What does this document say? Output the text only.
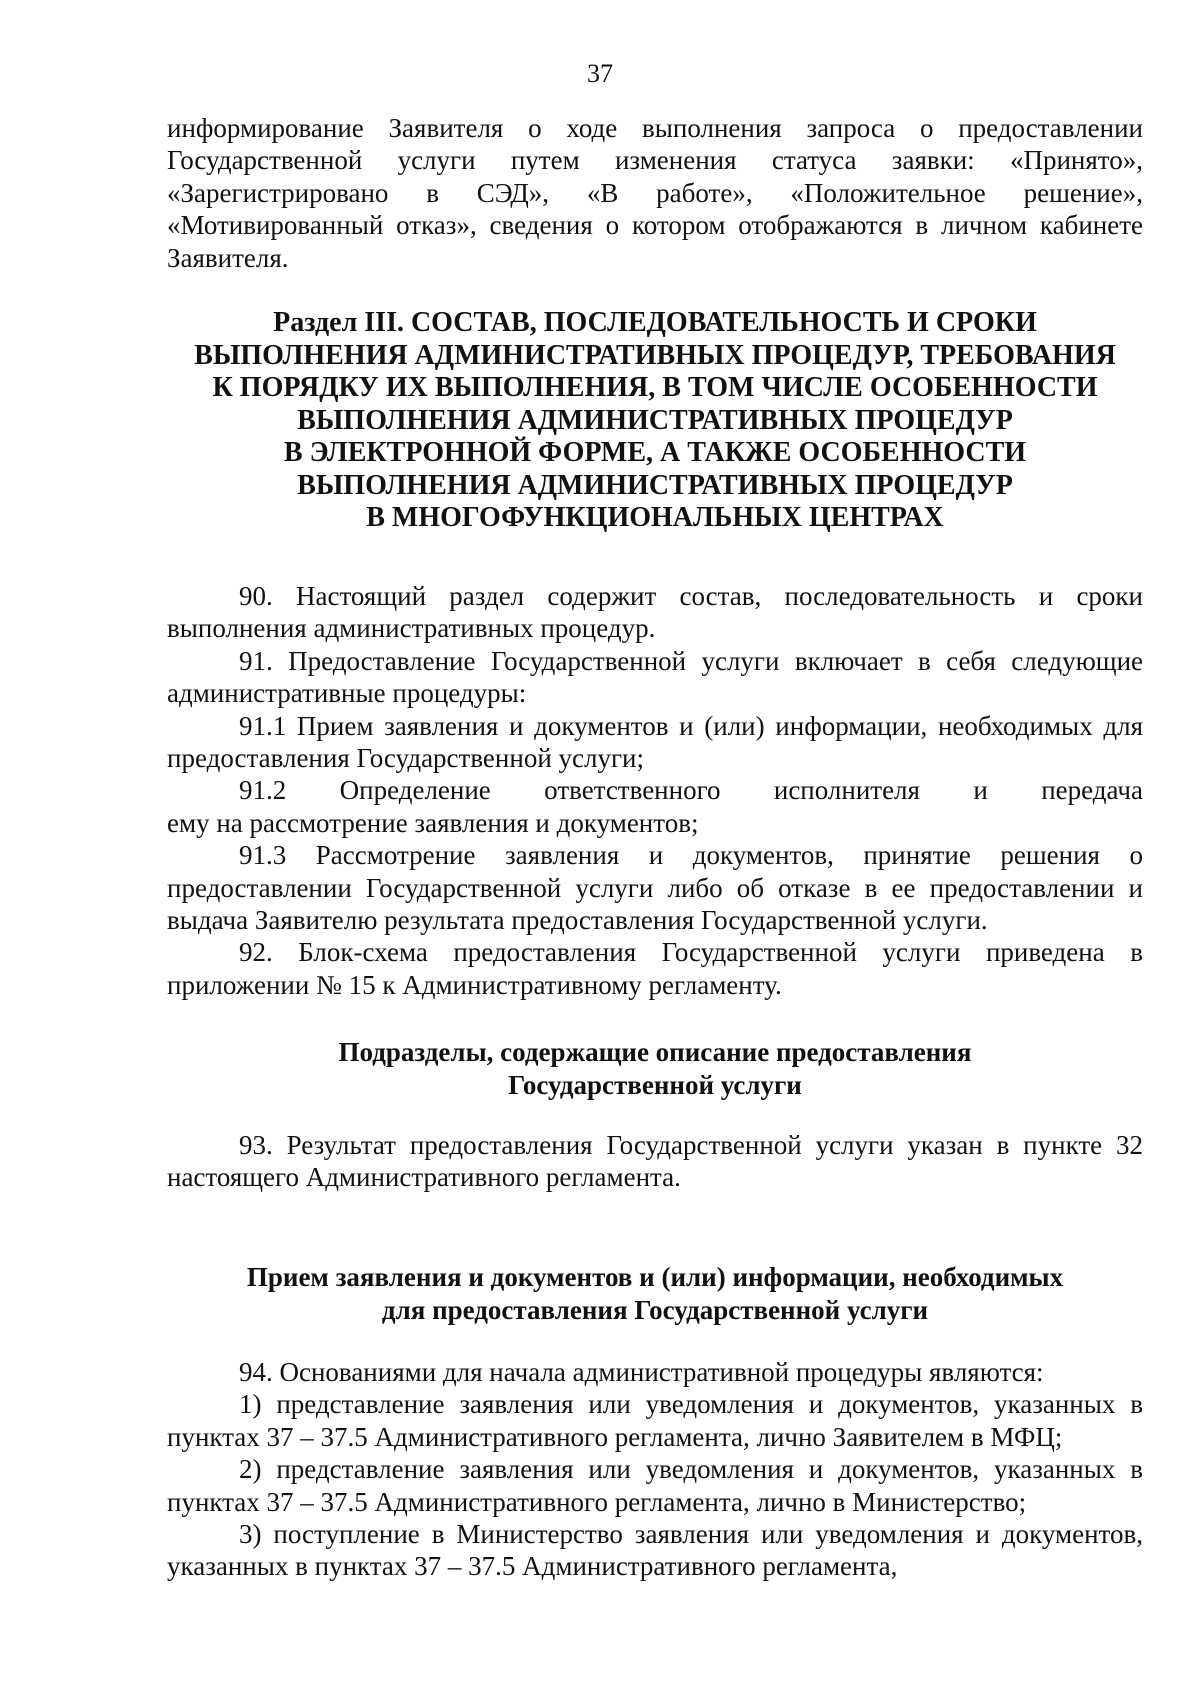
37

информирование Заявителя о ходе выполнения запроса о предоставлении Государственной услуги путем изменения статуса заявки: «Принято», «Зарегистрировано в СЭД», «В работе», «Положительное решение», «Мотивированный отказ», сведения о котором отображаются в личном кабинете Заявителя.

Раздел III. СОСТАВ, ПОСЛЕДОВАТЕЛЬНОСТЬ И СРОКИ
ВЫПОЛНЕНИЯ АДМИНИСТРАТИВНЫХ ПРОЦЕДУР, ТРЕБОВАНИЯ
К ПОРЯДКУ ИХ ВЫПОЛНЕНИЯ, В ТОМ ЧИСЛЕ ОСОБЕННОСТИ
ВЫПОЛНЕНИЯ АДМИНИСТРАТИВНЫХ ПРОЦЕДУР
В ЭЛЕКТРОННОЙ ФОРМЕ, А ТАКЖЕ ОСОБЕННОСТИ
ВЫПОЛНЕНИЯ АДМИНИСТРАТИВНЫХ ПРОЦЕДУР
В МНОГОФУНКЦИОНАЛЬНЫХ ЦЕНТРАХ

90. Настоящий раздел содержит состав, последовательность и сроки выполнения административных процедур.

91. Предоставление Государственной услуги включает в себя следующие административные процедуры:

91.1 Прием заявления и документов и (или) информации, необходимых для предоставления Государственной услуги;

91.2 Определение ответственного исполнителя и передача

ему на рассмотрение заявления и документов;

91.3 Рассмотрение заявления и документов, принятие решения о предоставлении Государственной услуги либо об отказе в ее предоставлении и выдача Заявителю результата предоставления Государственной услуги.

92. Блок-схема предоставления Государственной услуги приведена в приложении № 15 к Административному регламенту.

Подразделы, содержащие описание предоставления
Государственной услуги

93. Результат предоставления Государственной услуги указан в пункте 32 настоящего Административного регламента.

Прием заявления и документов и (или) информации, необходимых
для предоставления Государственной услуги

94. Основаниями для начала административной процедуры являются:

1) представление заявления или уведомления и документов, указанных в пунктах 37 – 37.5 Административного регламента, лично Заявителем в МФЦ;

2) представление заявления или уведомления и документов, указанных в пунктах 37 – 37.5 Административного регламента, лично в Министерство;

3) поступление в Министерство заявления или уведомления и документов, указанных в пунктах 37 – 37.5 Административного регламента,
